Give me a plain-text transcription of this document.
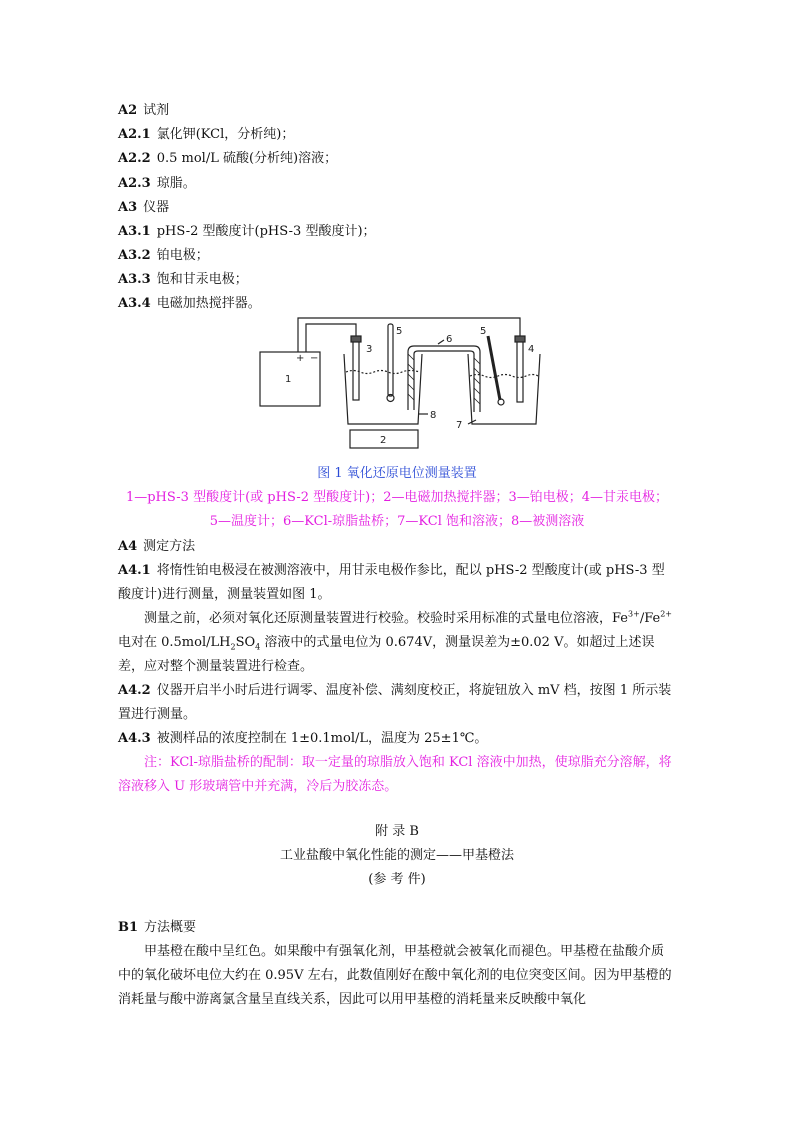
A2 试剂
A2.1 氯化钾(KCl，分析纯)；
A2.2 0.5 mol/L 硫酸(分析纯)溶液；
A2.3 琼脂。
A3 仪器
A3.1 pHS-2 型酸度计(pHS-3 型酸度计)；
A3.2 铂电极；
A3.3 饱和甘汞电极；
A3.4 电磁加热搅拌器。
1
+ −
2
3	4
5	5
6
7
8
图 1 氧化还原电位测量装置
1—pHS-3 型酸度计(或 pHS-2 型酸度计)；2—电磁加热搅拌器；3—铂电极；4—甘汞电极；
5—温度计；6—KCl-琼脂盐桥；7—KCl 饱和溶液；8—被测溶液
A4 测定方法
A4.1 将惰性铂电极浸在被测溶液中，用甘汞电极作参比，配以 pHS-2 型酸度计(或 pHS-3 型酸度计)进行测量，测量装置如图 1。
测量之前，必须对氧化还原测量装置进行校验。校验时采用标准的式量电位溶液，$Fe^{3+}/Fe^{2+}$ 电对在 $0.5mol/LH_2SO_4$ 溶液中的式量电位为 0.674V，测量误差为±0.02 V。如超过上述误差，应对整个测量装置进行检查。
A4.2 仪器开启半小时后进行调零、温度补偿、满刻度校正，将旋钮放入 mV 档，按图 1 所示装置进行测量。
A4.3 被测样品的浓度控制在 1±0.1mol/L，温度为 25±1℃。
注：KCl-琼脂盐桥的配制：取一定量的琼脂放入饱和 KCl 溶液中加热，使琼脂充分溶解，将溶液移入 U 形玻璃管中并充满，冷后为胶冻态。
附 录 B
工业盐酸中氧化性能的测定——甲基橙法
(参 考 件)
B1 方法概要
甲基橙在酸中呈红色。如果酸中有强氧化剂，甲基橙就会被氧化而褪色。甲基橙在盐酸介质中的氧化破坏电位大约在 0.95V 左右，此数值刚好在酸中氧化剂的电位突变区间。因为甲基橙的消耗量与酸中游离氯含量呈直线关系，因此可以用甲基橙的消耗量来反映酸中氧化
